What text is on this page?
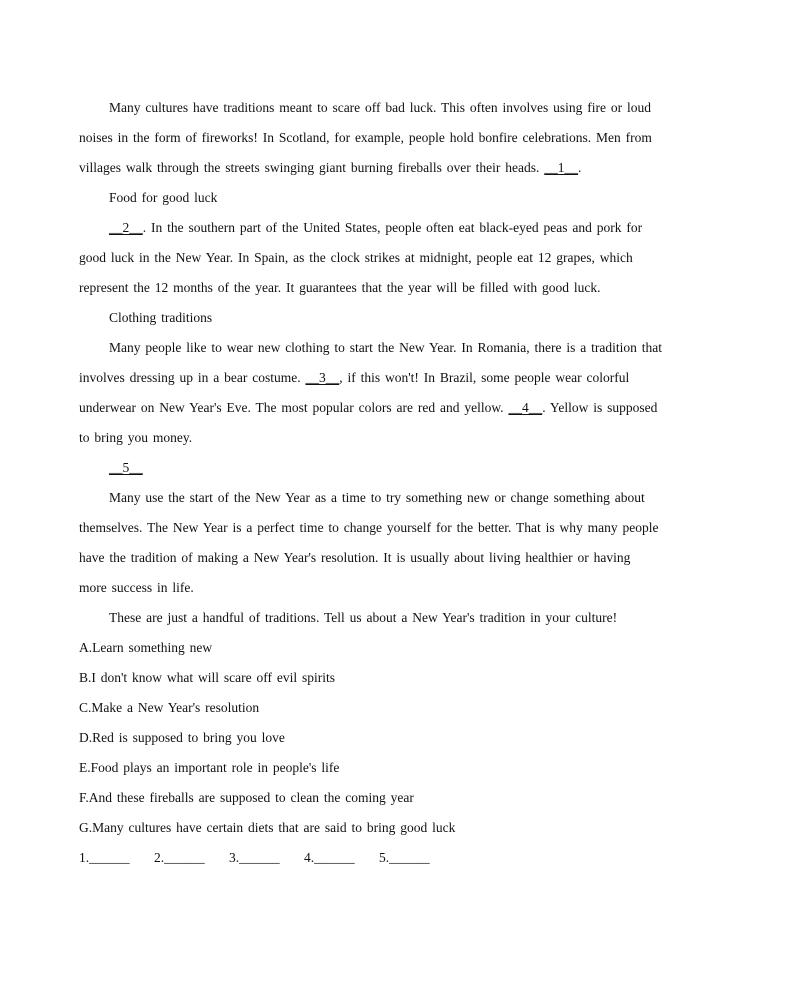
Many cultures have traditions meant to scare off bad luck. This often involves using fire or loud
noises in the form of fireworks! In Scotland, for example, people hold bonfire celebrations. Men from
villages walk through the streets swinging giant burning fireballs over their heads. __1__.
Food for good luck
__2__. In the southern part of the United States, people often eat black-eyed peas and pork for
good luck in the New Year. In Spain, as the clock strikes at midnight, people eat 12 grapes, which
represent the 12 months of the year. It guarantees that the year will be filled with good luck.
Clothing traditions
Many people like to wear new clothing to start the New Year. In Romania, there is a tradition that
involves dressing up in a bear costume. __3__, if this won't! In Brazil, some people wear colorful
underwear on New Year's Eve. The most popular colors are red and yellow. __4__. Yellow is supposed
to bring you money.
__5__
Many use the start of the New Year as a time to try something new or change something about
themselves. The New Year is a perfect time to change yourself for the better. That is why many people
have the tradition of making a New Year's resolution. It is usually about living healthier or having
more success in life.
These are just a handful of traditions. Tell us about a New Year's tradition in your culture!
A.Learn something new
B.I don't know what will scare off evil spirits
C.Make a New Year's resolution
D.Red is supposed to bring you love
E.Food plays an important role in people's life
F.And these fireballs are supposed to clean the coming year
G.Many cultures have certain diets that are said to bring good luck
1.______ 2.______ 3.______ 4.______ 5.______
